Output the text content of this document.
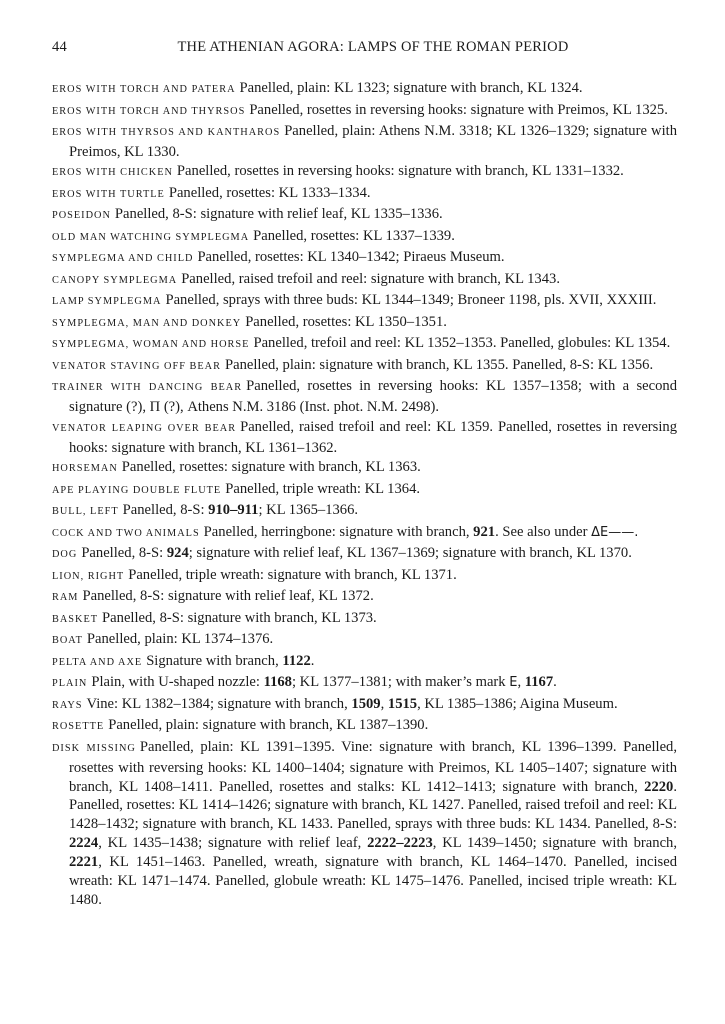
44	THE ATHENIAN AGORA: LAMPS OF THE ROMAN PERIOD
EROS WITH TORCH AND PATERA Panelled, plain: KL 1323; signature with branch, KL 1324.
EROS WITH TORCH AND THYRSOS Panelled, rosettes in reversing hooks: signature with Preimos, KL 1325.
EROS WITH THYRSOS AND KANTHAROS Panelled, plain: Athens N.M. 3318; KL 1326–1329; signature with Preimos, KL 1330.
EROS WITH CHICKEN Panelled, rosettes in reversing hooks: signature with branch, KL 1331–1332.
EROS WITH TURTLE Panelled, rosettes: KL 1333–1334.
POSEIDON Panelled, 8-S: signature with relief leaf, KL 1335–1336.
OLD MAN WATCHING SYMPLEGMA Panelled, rosettes: KL 1337–1339.
SYMPLEGMA AND CHILD Panelled, rosettes: KL 1340–1342; Piraeus Museum.
CANOPY SYMPLEGMA Panelled, raised trefoil and reel: signature with branch, KL 1343.
LAMP SYMPLEGMA Panelled, sprays with three buds: KL 1344–1349; Broneer 1198, pls. XVII, XXXIII.
SYMPLEGMA, MAN AND DONKEY Panelled, rosettes: KL 1350–1351.
SYMPLEGMA, WOMAN AND HORSE Panelled, trefoil and reel: KL 1352–1353. Panelled, globules: KL 1354.
VENATOR STAVING OFF BEAR Panelled, plain: signature with branch, KL 1355. Panelled, 8-S: KL 1356.
TRAINER WITH DANCING BEAR Panelled, rosettes in reversing hooks: KL 1357–1358; with a second signature (?), Π (?), Athens N.M. 3186 (Inst. phot. N.M. 2498).
VENATOR LEAPING OVER BEAR Panelled, raised trefoil and reel: KL 1359. Panelled, rosettes in reversing hooks: signature with branch, KL 1361–1362.
HORSEMAN Panelled, rosettes: signature with branch, KL 1363.
APE PLAYING DOUBLE FLUTE Panelled, triple wreath: KL 1364.
BULL, LEFT Panelled, 8-S: 910–911; KL 1365–1366.
COCK AND TWO ANIMALS Panelled, herringbone: signature with branch, 921. See also under ΔΕ——.
DOG Panelled, 8-S: 924; signature with relief leaf, KL 1367–1369; signature with branch, KL 1370.
LION, RIGHT Panelled, triple wreath: signature with branch, KL 1371.
RAM Panelled, 8-S: signature with relief leaf, KL 1372.
BASKET Panelled, 8-S: signature with branch, KL 1373.
BOAT Panelled, plain: KL 1374–1376.
PELTA AND AXE Signature with branch, 1122.
PLAIN Plain, with U-shaped nozzle: 1168; KL 1377–1381; with maker’s mark E, 1167.
RAYS Vine: KL 1382–1384; signature with branch, 1509, 1515, KL 1385–1386; Aigina Museum.
ROSETTE Panelled, plain: signature with branch, KL 1387–1390.
DISK MISSING Panelled, plain: KL 1391–1395. Vine: signature with branch, KL 1396–1399. Panelled, rosettes with reversing hooks: KL 1400–1404; signature with Preimos, KL 1405–1407; signature with branch, KL 1408–1411. Panelled, rosettes and stalks: KL 1412–1413; signature with branch, 2220. Panelled, rosettes: KL 1414–1426; signature with branch, KL 1427. Panelled, raised trefoil and reel: KL 1428–1432; signature with branch, KL 1433. Panelled, sprays with three buds: KL 1434. Panelled, 8-S: 2224, KL 1435–1438; signature with relief leaf, 2222–2223, KL 1439–1450; signature with branch, 2221, KL 1451–1463. Panelled, wreath, signature with branch, KL 1464–1470. Panelled, incised wreath: KL 1471–1474. Panelled, globule wreath: KL 1475–1476. Panelled, incised triple wreath: KL 1480.
